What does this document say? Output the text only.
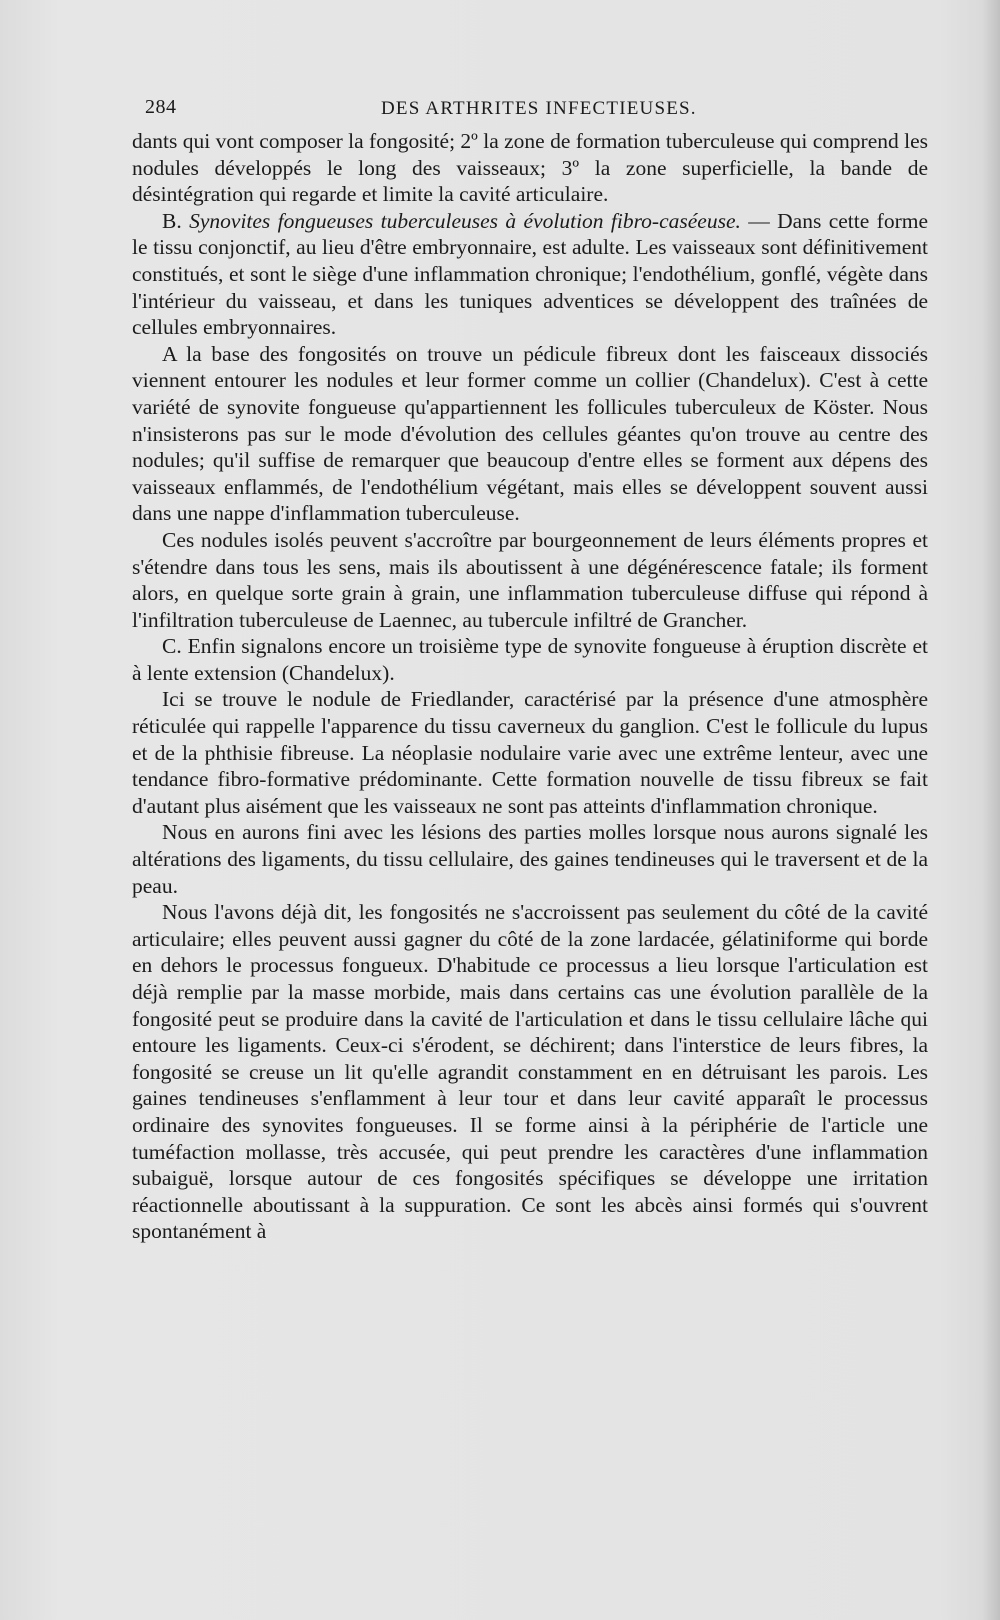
284	DES ARTHRITES INFECTIEUSES.

dants qui vont composer la fongosité; 2º la zone de formation tuberculeuse qui comprend les nodules développés le long des vaisseaux; 3º la zone superficielle, la bande de désintégration qui regarde et limite la cavité articulaire.

B. Synovites fongueuses tuberculeuses à évolution fibro-caséeuse. — Dans cette forme le tissu conjonctif, au lieu d'être embryonnaire, est adulte. Les vaisseaux sont définitivement constitués, et sont le siège d'une inflammation chronique; l'endothélium, gonflé, végète dans l'intérieur du vaisseau, et dans les tuniques adventices se développent des traînées de cellules embryonnaires.

A la base des fongosités on trouve un pédicule fibreux dont les faisceaux dissociés viennent entourer les nodules et leur former comme un collier (Chandelux). C'est à cette variété de synovite fongueuse qu'appartiennent les follicules tuberculeux de Köster. Nous n'insisterons pas sur le mode d'évolution des cellules géantes qu'on trouve au centre des nodules; qu'il suffise de remarquer que beaucoup d'entre elles se forment aux dépens des vaisseaux enflammés, de l'endothélium végétant, mais elles se développent souvent aussi dans une nappe d'inflammation tuberculeuse.

Ces nodules isolés peuvent s'accroître par bourgeonnement de leurs éléments propres et s'étendre dans tous les sens, mais ils aboutissent à une dégénérescence fatale; ils forment alors, en quelque sorte grain à grain, une inflammation tuberculeuse diffuse qui répond à l'infiltration tuberculeuse de Laennec, au tubercule infiltré de Grancher.

C. Enfin signalons encore un troisième type de synovite fongueuse à éruption discrète et à lente extension (Chandelux).

Ici se trouve le nodule de Friedlander, caractérisé par la présence d'une atmosphère réticulée qui rappelle l'apparence du tissu caverneux du ganglion. C'est le follicule du lupus et de la phthisie fibreuse. La néoplasie nodulaire varie avec une extrême lenteur, avec une tendance fibro-formative prédominante. Cette formation nouvelle de tissu fibreux se fait d'autant plus aisément que les vaisseaux ne sont pas atteints d'inflammation chronique.

Nous en aurons fini avec les lésions des parties molles lorsque nous aurons signalé les altérations des ligaments, du tissu cellulaire, des gaines tendineuses qui le traversent et de la peau.

Nous l'avons déjà dit, les fongosités ne s'accroissent pas seulement du côté de la cavité articulaire; elles peuvent aussi gagner du côté de la zone lardacée, gélatiniforme qui borde en dehors le processus fongueux. D'habitude ce processus a lieu lorsque l'articulation est déjà remplie par la masse morbide, mais dans certains cas une évolution parallèle de la fongosité peut se produire dans la cavité de l'articulation et dans le tissu cellulaire lâche qui entoure les ligaments. Ceux-ci s'érodent, se déchirent; dans l'interstice de leurs fibres, la fongosité se creuse un lit qu'elle agrandit constamment en en détruisant les parois. Les gaines tendineuses s'enflamment à leur tour et dans leur cavité apparaît le processus ordinaire des synovites fongueuses. Il se forme ainsi à la périphérie de l'article une tuméfaction mollasse, très accusée, qui peut prendre les caractères d'une inflammation subaiguë, lorsque autour de ces fongosités spécifiques se développe une irritation réactionnelle aboutissant à la suppuration. Ce sont les abcès ainsi formés qui s'ouvrent spontanément à
